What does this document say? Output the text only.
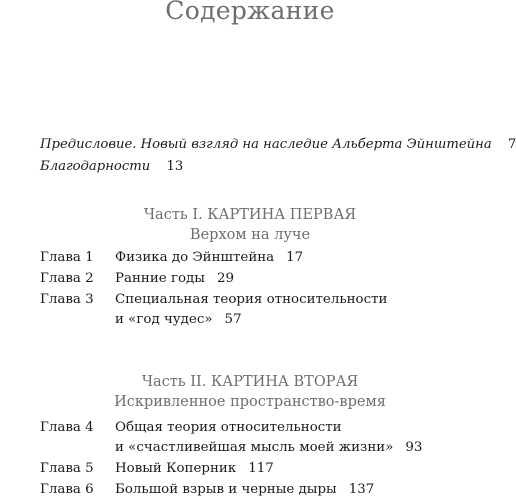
Содержание
Предисловие. Новый взгляд на наследие Альберта Эйнштейна 7
Благодарности 13
Часть I. КАРТИНА ПЕРВАЯ
Верхом на луче
Глава 1 Физика до Эйнштейна 17
Глава 2 Ранние годы 29
Глава 3 Специальная теория относительности
и «год чудес» 57
Часть II. КАРТИНА ВТОРАЯ
Искривленное пространство-время
Глава 4 Общая теория относительности
и «счастливейшая мысль моей жизни» 93
Глава 5 Новый Коперник 117
Глава 6 Большой взрыв и черные дыры 137
